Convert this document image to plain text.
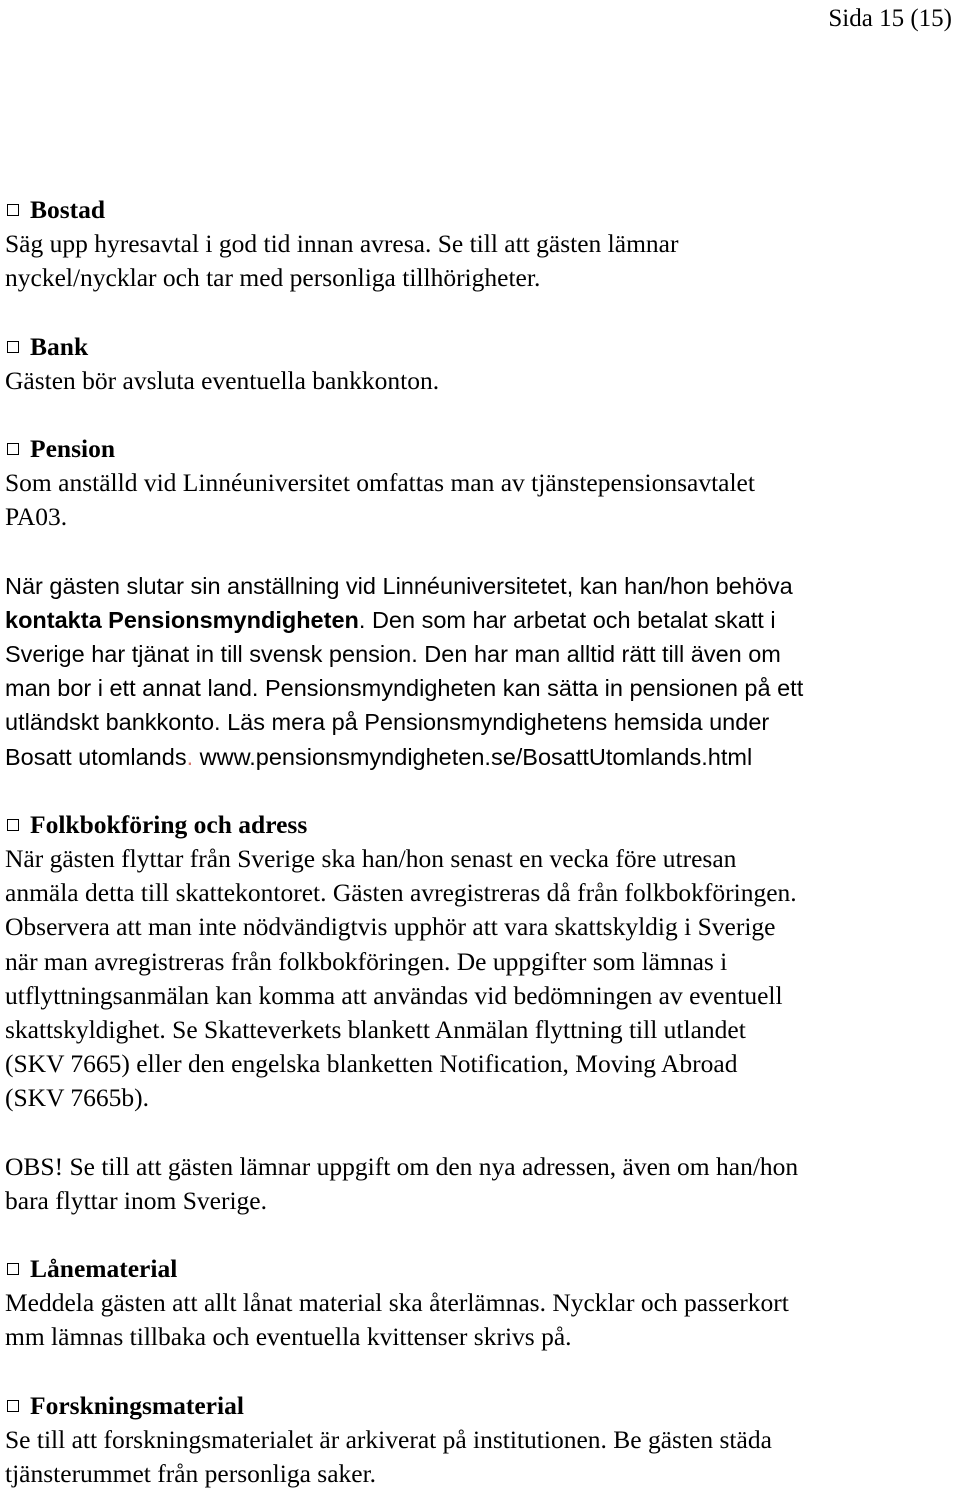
Sida 15 (15)
Bostad
Säg upp hyresavtal i god tid innan avresa. Se till att gästen lämnar
nyckel/nycklar och tar med personliga tillhörigheter.
Bank
Gästen bör avsluta eventuella bankkonton.
Pension
Som anställd vid Linnéuniversitet omfattas man av tjänstepensionsavtalet
PA03.
När gästen slutar sin anställning vid Linnéuniversitetet, kan han/hon behöva
kontakta Pensionsmyndigheten. Den som har arbetat och betalat skatt i
Sverige har tjänat in till svensk pension. Den har man alltid rätt till även om
man bor i ett annat land. Pensionsmyndigheten kan sätta in pensionen på ett
utländskt bankkonto. Läs mera på Pensionsmyndighetens hemsida under
Bosatt utomlands. www.pensionsmyndigheten.se/BosattUtomlands.html
Folkbokföring och adress
När gästen flyttar från Sverige ska han/hon senast en vecka före utresan
anmäla detta till skattekontoret. Gästen avregistreras då från folkbokföringen.
Observera att man inte nödvändigtvis upphör att vara skattskyldig i Sverige
när man avregistreras från folkbokföringen. De uppgifter som lämnas i
utflyttningsanmälan kan komma att användas vid bedömningen av eventuell
skattskyldighet. Se Skatteverkets blankett Anmälan flyttning till utlandet
(SKV 7665) eller den engelska blanketten Notification, Moving Abroad
(SKV 7665b).
OBS! Se till att gästen lämnar uppgift om den nya adressen, även om han/hon
bara flyttar inom Sverige.
Lånematerial
Meddela gästen att allt lånat material ska återlämnas. Nycklar och passerkort
mm lämnas tillbaka och eventuella kvittenser skrivs på.
Forskningsmaterial
Se till att forskningsmaterialet är arkiverat på institutionen. Be gästen städa
tjänsterummet från personliga saker.
